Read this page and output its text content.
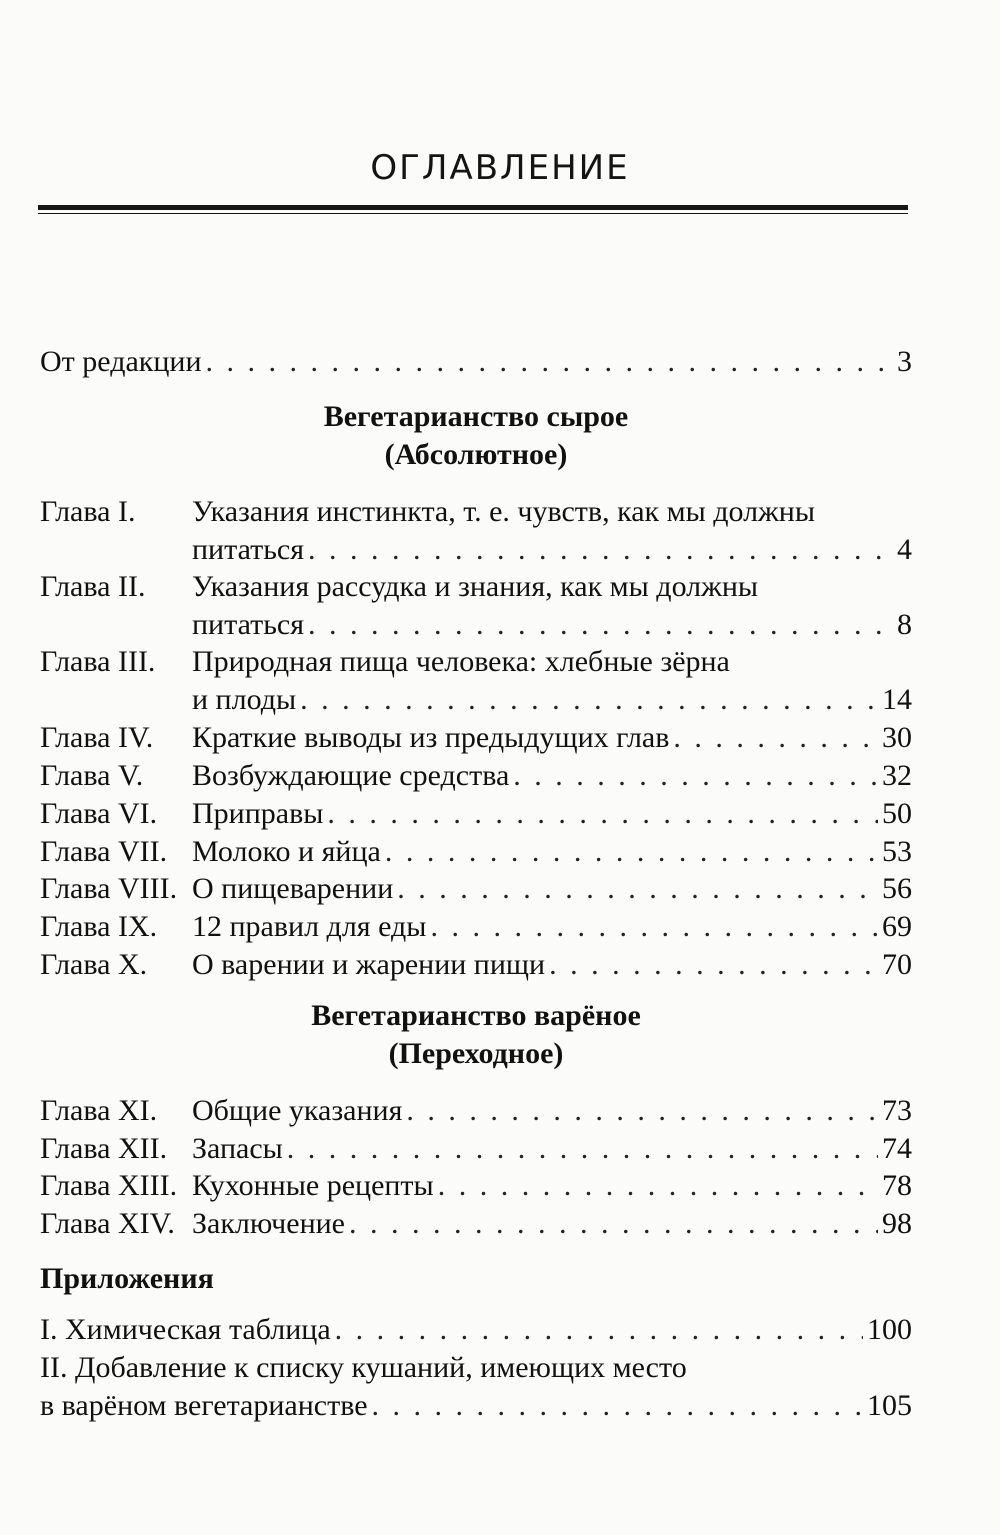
ОГЛАВЛЕНИЕ
От редакции . . .	3
Вегетарианство сырое
(Абсолютное)
Глава I.	Указания инстинкта, т. е. чувств, как мы должны
питаться . . .	4
Глава II.	Указания рассудка и знания, как мы должны
питаться . . .	8
Глава III.	Природная пища человека: хлебные зёрна
и плоды . . .	14
Глава IV.	Краткие выводы из предыдущих глав . . .	30
Глава V.	Возбуждающие средства . . .	32
Глава VI.	Приправы . . .	50
Глава VII. Молоко и яйца . . .	53
Глава VIII. О пищеварении . . .	56
Глава IX.	12 правил для еды . . .	69
Глава X.	О варении и жарении пищи . . .	70
Вегетарианство варёное
(Переходное)
Глава XI.	Общие указания . . .	73
Глава XII. Запасы . . .	74
Глава XIII. Кухонные рецепты . . .	78
Глава XIV. Заключение . . .	98
Приложения
I. Химическая таблица . . .	100
II. Добавление к списку кушаний, имеющих место
в варёном вегетарианстве . . .	105
